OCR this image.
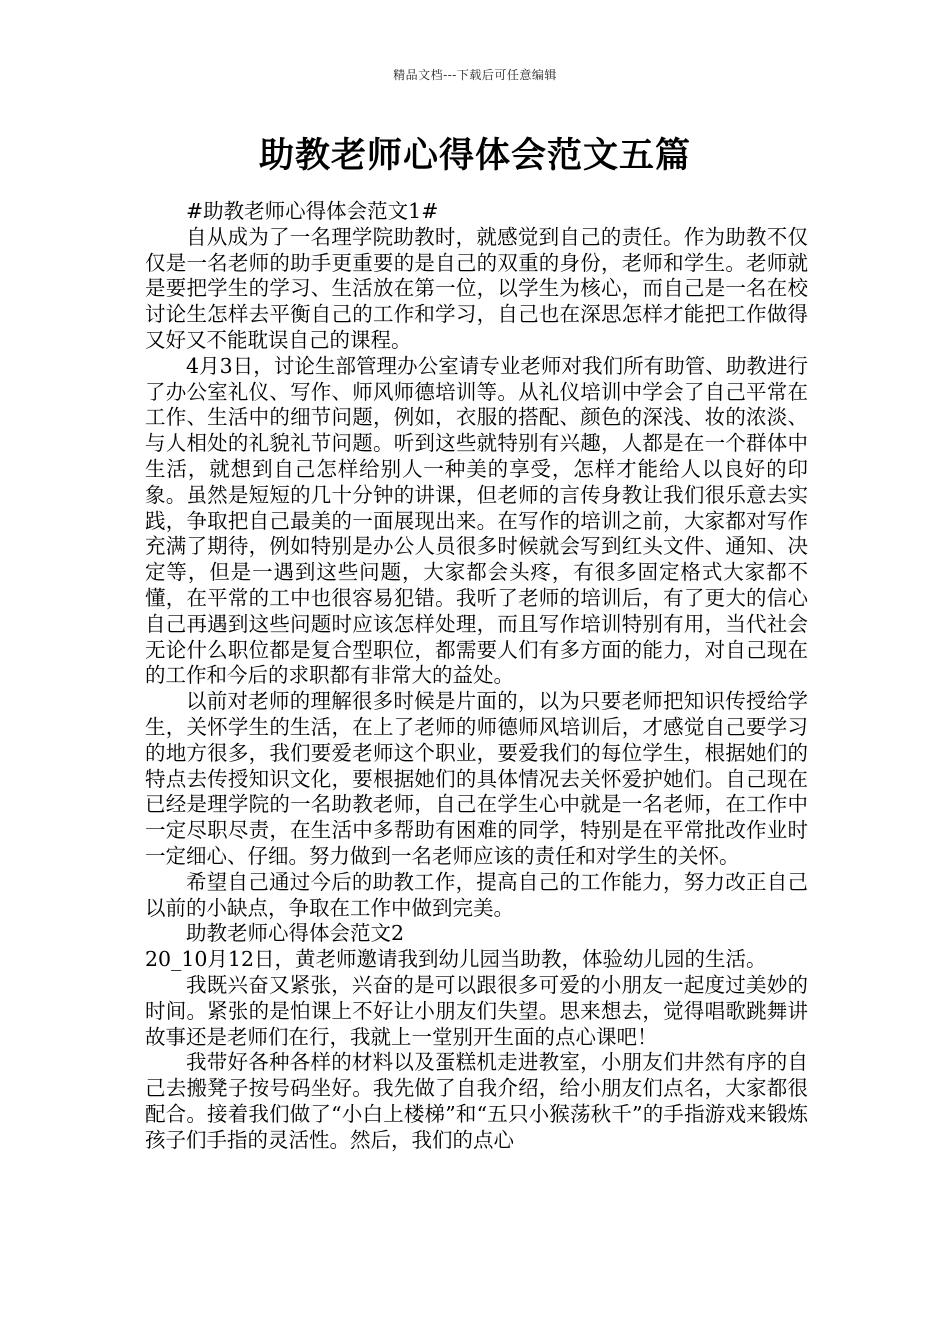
精品文档---下载后可任意编辑
助教老师心得体会范文五篇

#助教老师心得体会范文1#

自从成为了一名理学院助教时，就感觉到自己的责任。作为助教不仅仅是一名老师的助手更重要的是自己的双重的身份，老师和学生。老师就是要把学生的学习、生活放在第一位，以学生为核心，而自己是一名在校讨论生怎样去平衡自己的工作和学习，自己也在深思怎样才能把工作做得又好又不能耽误自己的课程。

4月3日，讨论生部管理办公室请专业老师对我们所有助管、助教进行了办公室礼仪、写作、师风师德培训等。从礼仪培训中学会了自己平常在工作、生活中的细节问题，例如，衣服的搭配、颜色的深浅、妆的浓淡、与人相处的礼貌礼节问题。听到这些就特别有兴趣，人都是在一个群体中生活，就想到自己怎样给别人一种美的享受，怎样才能给人以良好的印象。虽然是短短的几十分钟的讲课，但老师的言传身教让我们很乐意去实践，争取把自己最美的一面展现出来。在写作的培训之前，大家都对写作充满了期待，例如特别是办公人员很多时候就会写到红头文件、通知、决定等，但是一遇到这些问题，大家都会头疼，有很多固定格式大家都不懂，在平常的工中也很容易犯错。我听了老师的培训后，有了更大的信心自己再遇到这些问题时应该怎样处理，而且写作培训特别有用，当代社会无论什么职位都是复合型职位，都需要人们有多方面的能力，对自己现在的工作和今后的求职都有非常大的益处。

以前对老师的理解很多时候是片面的，以为只要老师把知识传授给学生，关怀学生的生活，在上了老师的师德师风培训后，才感觉自己要学习的地方很多，我们要爱老师这个职业，要爱我们的每位学生，根据她们的特点去传授知识文化，要根据她们的具体情况去关怀爱护她们。自己现在已经是理学院的一名助教老师，自己在学生心中就是一名老师，在工作中一定尽职尽责，在生活中多帮助有困难的同学，特别是在平常批改作业时一定细心、仔细。努力做到一名老师应该的责任和对学生的关怀。

希望自己通过今后的助教工作，提高自己的工作能力，努力改正自己以前的小缺点，争取在工作中做到完美。

助教老师心得体会范文2

20_10月12日，黄老师邀请我到幼儿园当助教，体验幼儿园的生活。

我既兴奋又紧张，兴奋的是可以跟很多可爱的小朋友一起度过美妙的时间。紧张的是怕课上不好让小朋友们失望。思来想去，觉得唱歌跳舞讲故事还是老师们在行，我就上一堂别开生面的点心课吧！

我带好各种各样的材料以及蛋糕机走进教室，小朋友们井然有序的自己去搬凳子按号码坐好。我先做了自我介绍，给小朋友们点名，大家都很配合。接着我们做了“小白上楼梯”和“五只小猴荡秋千”的手指游戏来锻炼孩子们手指的灵活性。然后，我们的点心
